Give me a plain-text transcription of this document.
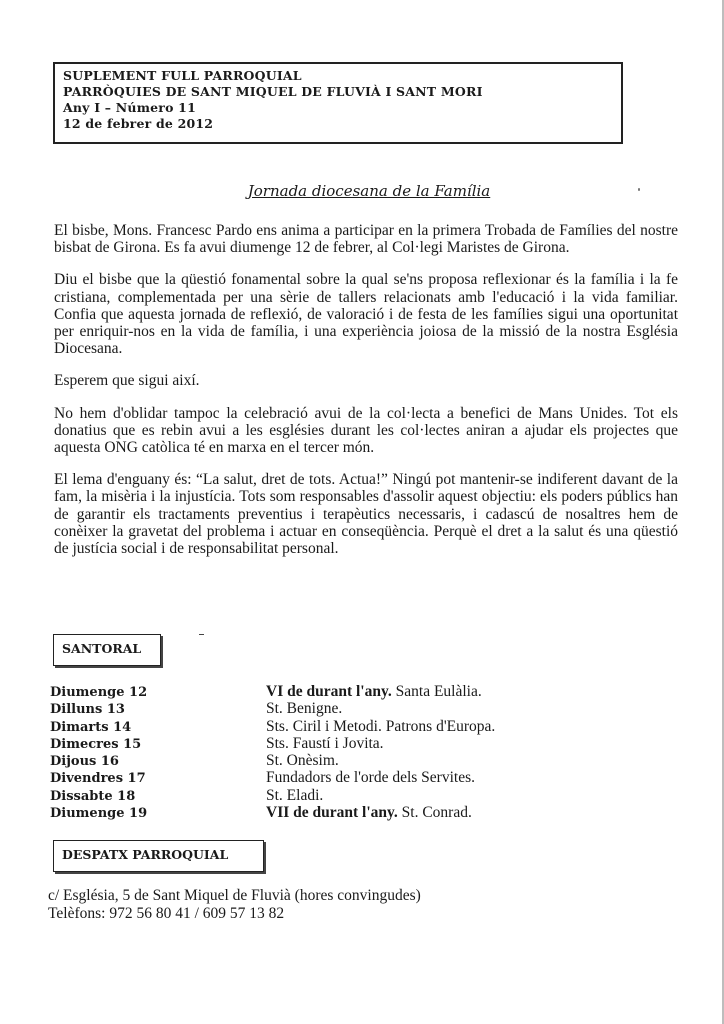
SUPLEMENT FULL PARROQUIAL
PARRÒQUIES DE SANT MIQUEL DE FLUVIÀ I SANT MORI
Any I – Número 11
12 de febrer de 2012
Jornada diocesana de la Família

El bisbe, Mons. Francesc Pardo ens anima a participar en la primera Trobada de Famílies del nostre bisbat de Girona. Es fa avui diumenge 12 de febrer, al Col·legi Maristes de Girona.

Diu el bisbe que la qüestió fonamental sobre la qual se'ns proposa reflexionar és la família i la fe cristiana, complementada per una sèrie de tallers relacionats amb l'educació i la vida familiar. Confia que aquesta jornada de reflexió, de valoració i de festa de les famílies sigui una oportunitat per enriquir-nos en la vida de família, i una experiència joiosa de la missió de la nostra Església Diocesana.

Esperem que sigui així.

No hem d'oblidar tampoc la celebració avui de la col·lecta a benefici de Mans Unides. Tot els donatius que es rebin avui a les esglésies durant les col·lectes aniran a ajudar els projectes que aquesta ONG catòlica té en marxa en el tercer món.

El lema d'enguany és: “La salut, dret de tots. Actua!” Ningú pot mantenir-se indiferent davant de la fam, la misèria i la injustícia. Tots som responsables d'assolir aquest objectiu: els poders públics han de garantir els tractaments preventius i terapèutics necessaris, i cadascú de nosaltres hem de conèixer la gravetat del problema i actuar en conseqüència. Perquè el dret a la salut és una qüestió de justícia social i de responsabilitat personal.

SANTORAL
Diumenge 12	VI de durant l'any. Santa Eulàlia.
Dilluns 13	St. Benigne.
Dimarts 14	Sts. Ciril i Metodi. Patrons d'Europa.
Dimecres 15	Sts. Faustí i Jovita.
Dijous 16	St. Onèsim.
Divendres 17	Fundadors de l'orde dels Servites.
Dissabte 18	St. Eladi.
Diumenge 19	VII de durant l'any. St. Conrad.
DESPATX PARROQUIAL
c/ Església, 5 de Sant Miquel de Fluvià (hores convingudes)
Telèfons: 972 56 80 41 / 609 57 13 82
